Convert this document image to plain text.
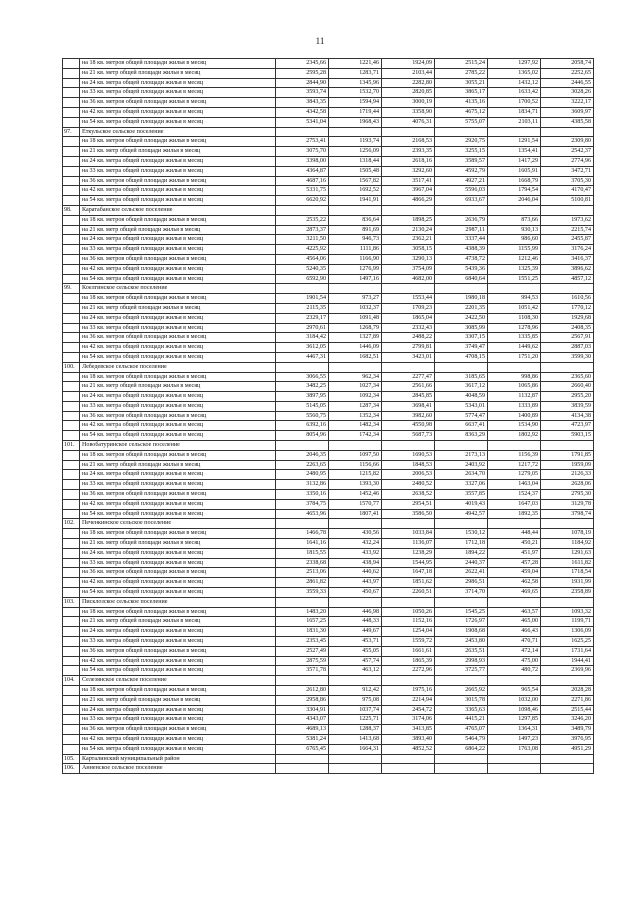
11
	на 18 кв. метров общей площади жилья в месяц	2345,66	1221,46	1924,09	2515,24	1297,92	2058,74
	на 21 кв. метр общей площади жилья в месяц	2595,28	1283,71	2103,44	2785,22	1365,02	2252,65
	на 24 кв. метра общей площади жилья в месяц	2844,90	1345,96	2282,80	3055,21	1432,12	2446,55
	на 33 кв. метра общей площади жилья в месяц	3593,74	1532,70	2820,85	3865,17	1633,42	3028,26
	на 36 кв. метров общей площади жилья в месяц	3843,35	1594,94	3000,19	4135,16	1700,52	3222,17
	на 42 кв. метра общей площади жилья в месяц	4342,58	1719,44	3358,90	4675,12	1834,71	3609,97
	на 54 кв. метра общей площади жилья в месяц	5341,04	1968,43	4076,31	5755,07	2103,11	4385,58
97.	Еткульское сельское поселение						
	на 18 кв. метров общей площади жилья в месяц	2753,41	1193,74	2168,53	2920,75	1291,54	2309,80
	на 21 кв. метр общей площади жилья в месяц	3075,70	1256,09	2393,35	3255,15	1354,41	2542,37
	на 24 кв. метра общей площади жилья в месяц	3398,00	1318,44	2618,16	3589,57	1417,29	2774,96
	на 33 кв. метра общей площади жилья в месяц	4364,87	1505,48	3292,60	4592,79	1605,91	3472,71
	на 36 кв. метров общей площади жилья в месяц	4687,16	1567,82	3517,41	4927,21	1668,79	3705,30
	на 42 кв. метра общей площади жилья в месяц	5331,75	1692,52	3967,04	5596,03	1794,54	4170,47
	на 54 кв. метра общей площади жилья в месяц	6620,92	1941,91	4866,29	6933,67	2046,04	5100,81
98.	Каратабанское сельское поселение						
	на 18 кв. метров общей площади жилья в месяц	2535,22	836,64	1898,25	2636,79	873,66	1973,62
	на 21 кв. метр общей площади жилья в месяц	2873,37	891,69	2130,24	2987,11	930,13	2215,74
	на 24 кв. метра общей площади жилья в месяц	3211,50	946,73	2362,21	3337,44	986,60	2455,87
	на 33 кв. метра общей площади жилья в месяц	4225,92	1111,86	3058,15	4388,39	1155,99	3176,24
	на 36 кв. метров общей площади жилья в месяц	4564,06	1166,90	3290,13	4738,72	1212,46	3416,37
	на 42 кв. метра общей площади жилья в месяц	5240,35	1276,99	3754,09	5439,36	1325,39	3896,62
	на 54 кв. метра общей площади жилья в месяц	6592,90	1497,16	4682,00	6840,64	1551,25	4857,12
99.	Коелгинское сельское поселение						
	на 18 кв. метров общей площади жилья в месяц	1901,54	973,27	1553,44	1980,18	994,53	1610,56
	на 21 кв. метр общей площади жилья в месяц	2115,35	1032,37	1709,23	2201,35	1051,42	1770,12
	на 24 кв. метра общей площади жилья в месяц	2329,17	1091,48	1865,04	2422,50	1108,30	1929,68
	на 33 кв. метра общей площади жилья в месяц	2970,61	1268,79	2332,43	3085,99	1278,96	2408,35
	на 36 кв. метров общей площади жилья в месяц	3184,42	1327,89	2488,22	3307,15	1335,85	2567,91
	на 42 кв. метра общей площади жилья в месяц	3612,05	1446,09	2799,81	3749,47	1449,62	2887,03
	на 54 кв. метра общей площади жилья в месяц	4467,31	1682,51	3423,01	4708,15	1751,20	3599,30
100.	Лебедевское сельское поселение						
	на 18 кв. метров общей площади жилья в месяц	3066,55	962,34	2277,47	3185,65	998,86	2365,60
	на 21 кв. метр общей площади жилья в месяц	3482,25	1027,34	2561,66	3617,12	1065,86	2660,40
	на 24 кв. метра общей площади жилья в месяц	3897,95	1092,34	2845,85	4048,59	1132,87	2955,20
	на 33 кв. метра общей площади жилья в месяц	5145,05	1287,34	3698,41	5343,01	1333,89	3839,59
	на 36 кв. метров общей площади жилья в месяц	5560,75	1352,34	3982,60	5774,47	1400,89	4134,38
	на 42 кв. метра общей площади жилья в месяц	6392,16	1482,34	4550,98	6637,41	1534,90	4723,97
	на 54 кв. метра общей площади жилья в месяц	8054,96	1742,34	5687,73	8363,29	1802,92	5903,15
101.	Новобатуринское сельское поселение						
	на 18 кв. метров общей площади жилья в месяц	2046,35	1097,50	1690,53	2173,13	1156,39	1791,85
	на 21 кв. метр общей площади жилья в месяц	2263,65	1156,66	1848,53	2403,92	1217,72	1959,09
	на 24 кв. метра общей площади жилья в месяц	2480,95	1215,82	2006,53	2634,70	1279,05	2126,33
	на 33 кв. метра общей площади жилья в месяц	3132,86	1393,30	2480,52	3327,06	1463,04	2628,06
	на 36 кв. метров общей площади жилья в месяц	3350,16	1452,46	2638,52	3557,85	1524,37	2795,30
	на 42 кв. метра общей площади жилья в месяц	3784,75	1570,77	2954,51	4019,43	1647,03	3129,78
	на 54 кв. метра общей площади жилья в месяц	4653,96	1807,41	3586,50	4942,57	1892,35	3798,74
102.	Печенкинское сельское поселение						
	на 18 кв. метров общей площади жилья в месяц	1466,78	430,56	1033,84	1530,12	448,44	1078,19
	на 21 кв. метр общей площади жилья в месяц	1641,16	432,24	1136,07	1712,18	450,21	1184,92
	на 24 кв. метра общей площади жилья в месяц	1815,55	433,92	1238,29	1894,22	451,97	1291,63
	на 33 кв. метра общей площади жилья в месяц	2338,68	438,94	1544,95	2440,37	457,28	1611,82
	на 36 кв. метров общей площади жилья в месяц	2513,06	440,62	1647,18	2622,41	459,04	1718,54
	на 42 кв. метра общей площади жилья в месяц	2861,82	443,97	1851,62	2986,51	462,58	1931,99
	на 54 кв. метра общей площади жилья в месяц	3559,33	450,67	2260,51	3714,70	469,65	2358,89
103.	Писклозское сельское поселение						
	на 18 кв. метров общей площади жилья в месяц	1483,20	446,98	1050,26	1545,25	463,57	1093,32
	на 21 кв. метр общей площади жилья в месяц	1657,25	448,33	1152,16	1726,97	465,00	1199,71
	на 24 кв. метра общей площади жилья в месяц	1831,30	449,67	1254,04	1908,68	466,43	1306,09
	на 33 кв. метра общей площади жилья в месяц	2353,45	453,71	1559,72	2453,80	470,71	1625,25
	на 36 кв. метров общей площади жилья в месяц	2527,49	455,05	1661,61	2635,51	472,14	1731,64
	на 42 кв. метра общей площади жилья в месяц	2875,59	457,74	1865,39	2998,93	475,00	1944,41
	на 54 кв. метра общей площади жилья в месяц	3571,78	463,12	2272,96	3725,77	480,72	2369,96
104.	Селезянское сельское поселение						
	на 18 кв. метров общей площади жилья в месяц	2612,80	912,42	1975,16	2665,92	965,54	2028,28
	на 21 кв. метр общей площади жилья в месяц	2958,86	975,08	2214,94	3015,78	1032,00	2271,86
	на 24 кв. метра общей площади жилья в месяц	3304,91	1037,74	2454,72	3365,63	1098,46	2515,44
	на 33 кв. метра общей площади жилья в месяц	4343,07	1225,71	3174,06	4415,21	1297,85	3246,20
	на 36 кв. метров общей площади жилья в месяц	4689,13	1288,37	3413,85	4765,07	1364,31	3489,79
	на 42 кв. метра общей площади жилья в месяц	5381,24	1413,68	3893,40	5464,79	1497,23	3976,95
	на 54 кв. метра общей площади жилья в месяц	6765,45	1664,31	4852,52	6864,22	1763,08	4951,29
105.	Карталинский муниципальный район						
106.	Анненское сельское поселение						
